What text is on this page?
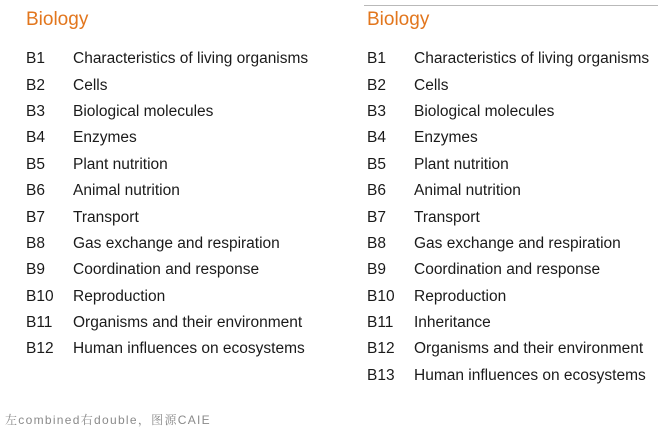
Biology
B1	Characteristics of living organisms
B2	Cells
B3	Biological molecules
B4	Enzymes
B5	Plant nutrition
B6	Animal nutrition
B7	Transport
B8	Gas exchange and respiration
B9	Coordination and response
B10	Reproduction
B11	Organisms and their environment
B12	Human influences on ecosystems
Biology
B1	Characteristics of living organisms
B2	Cells
B3	Biological molecules
B4	Enzymes
B5	Plant nutrition
B6	Animal nutrition
B7	Transport
B8	Gas exchange and respiration
B9	Coordination and response
B10	Reproduction
B11	Inheritance
B12	Organisms and their environment
B13	Human influences on ecosystems
左combined右double，图源CAIE
